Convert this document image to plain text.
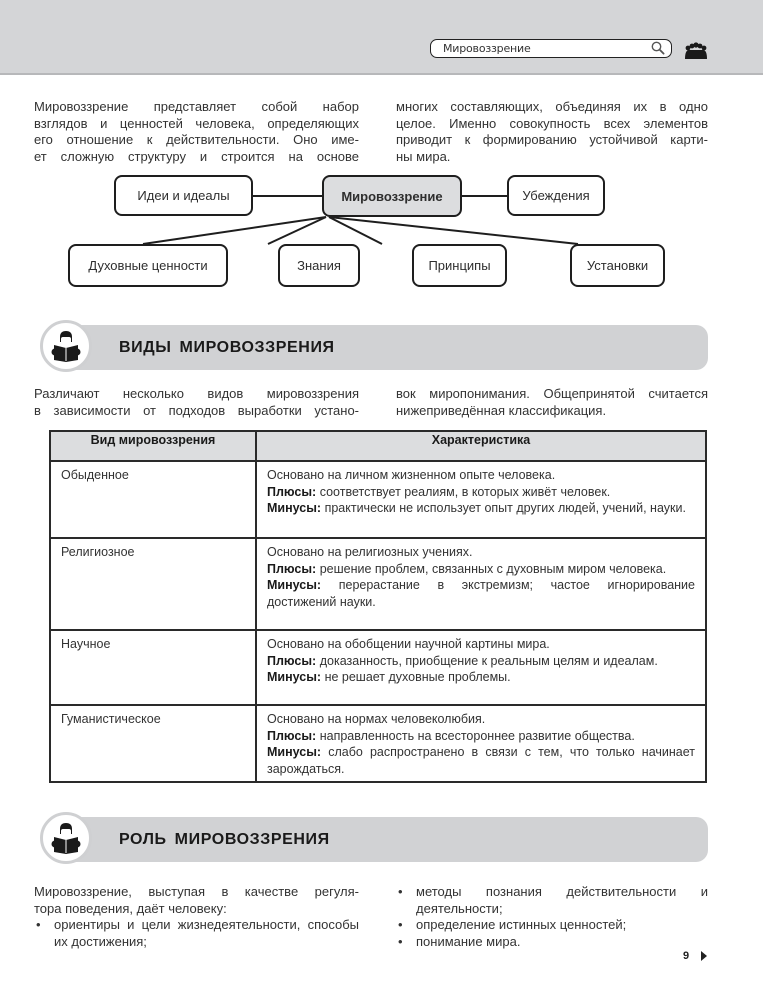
Мировоззрение
Мировоззрение представляет собой набор
взглядов и ценностей человека, определяющих
его отношение к действительности. Оно име-
ет сложную структуру и строится на основе
многих составляющих, объединяя их в одно
целое. Именно совокупность всех элементов
приводит к формированию устойчивой карти-
ны мира.
Идеи и идеалы	Мировоззрение	Убеждения
Духовные ценности	Знания	Принципы	Установки
ВИДЫ МИРОВОЗЗРЕНИЯ
Различают несколько видов мировоззрения
в зависимости от подходов выработки устано-
вок миропонимания. Общепринятой считается
нижеприведённая классификация.
Вид мировоззрения	Характеристика
Обыденное	Основано на личном жизненном опыте человека.
Плюсы: соответствует реалиям, в которых живёт человек.
Минусы: практически не использует опыт других людей, учений, науки.

Религиозное	Основано на религиозных учениях.
Плюсы: решение проблем, связанных с духовным миром человека.
Минусы: перерастание в экстремизм; частое игнорирование достижений науки.

Научное	Основано на обобщении научной картины мира.
Плюсы: доказанность, приобщение к реальным целям и идеалам.
Минусы: не решает духовные проблемы.

Гуманистическое	Основано на нормах человеколюбия.
Плюсы: направленность на всестороннее развитие общества.
Минусы: слабо распространено в связи с тем, что только начинает зарождаться.
РОЛЬ МИРОВОЗЗРЕНИЯ
Мировоззрение, выступая в качестве регуля-
тора поведения, даёт человеку:
• ориентиры и цели жизнедеятельности, способы их достижения;
• методы познания действительности и деятельности;
• определение истинных ценностей;
• понимание мира.
9
